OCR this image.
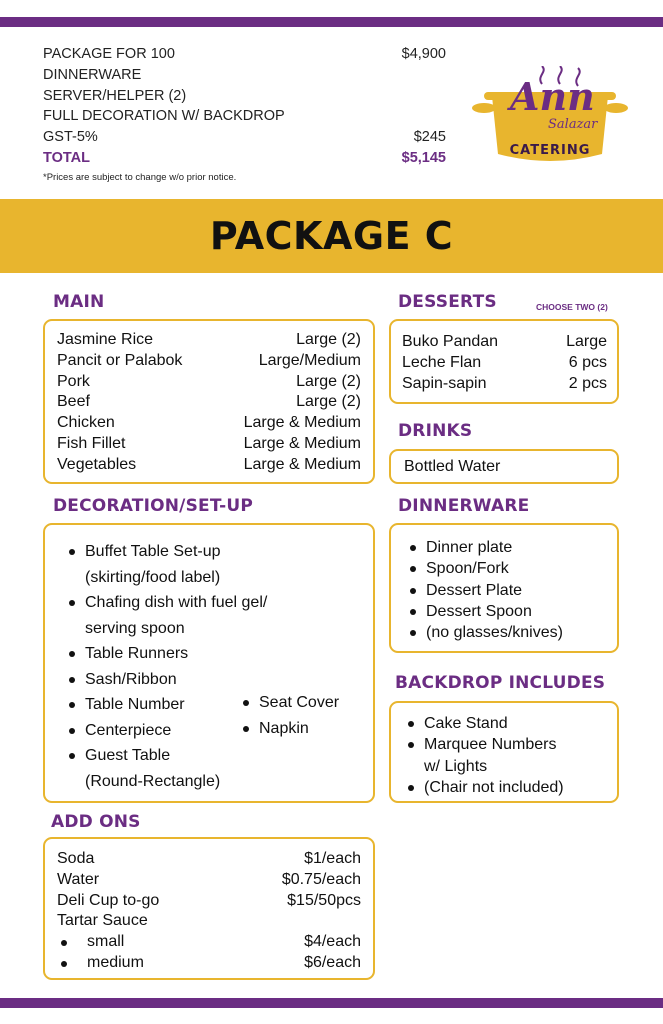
PACKAGE FOR 100	$4,900
DINNERWARE
SERVER/HELPER (2)
FULL DECORATION W/ BACKDROP
GST-5%	$245
TOTAL	$5,145
*Prices are subject to change w/o prior notice.
Ann
Salazar
CATERING
PACKAGE C
MAIN
Jasmine Rice	Large (2)
Pancit or Palabok	Large/Medium
Pork	Large (2)
Beef	Large (2)
Chicken	Large & Medium
Fish Fillet	Large & Medium
Vegetables	Large & Medium
DESSERTS	CHOOSE TWO (2)
Buko Pandan	Large
Leche Flan	6 pcs
Sapin-sapin	2 pcs
DRINKS
Bottled Water
DECORATION/SET-UP
Buffet Table Set-up
(skirting/food label)
Chafing dish with fuel gel/
serving spoon
Table Runners
Sash/Ribbon
Table Number
Centerpiece
Guest Table
(Round-Rectangle)
Seat Cover
Napkin
DINNERWARE
Dinner plate
Spoon/Fork
Dessert Plate
Dessert Spoon
(no glasses/knives)
BACKDROP INCLUDES
Cake Stand
Marquee Numbers
w/ Lights
(Chair not included)
ADD ONS
Soda	$1/each
Water	$0.75/each
Deli Cup to-go	$15/50pcs
Tartar Sauce
small	$4/each
medium	$6/each
